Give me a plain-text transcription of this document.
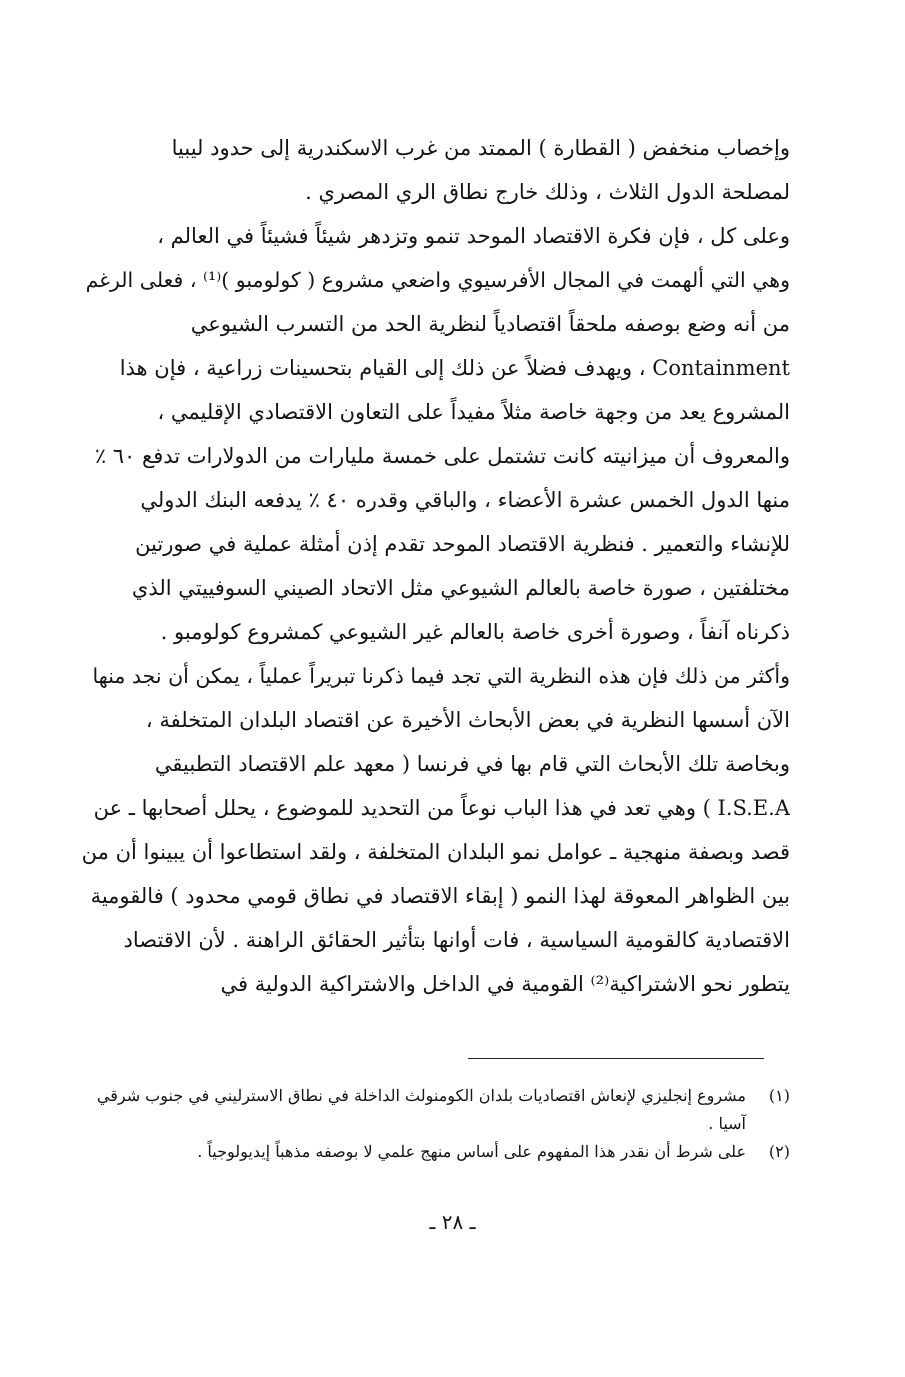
وإخصاب منخفض ( القطارة ) الممتد من غرب الاسكندرية إلى حدود ليبيا
لمصلحة الدول الثلاث ، وذلك خارج نطاق الري المصري .
وعلى كل ، فإن فكرة الاقتصاد الموحد تنمو وتزدهر شيئاً فشيئاً في العالم ،
وهي التي ألهمت في المجال الأفرسيوي واضعي مشروع ( كولومبو )⁽¹⁾ ، فعلى الرغم
من أنه وضع بوصفه ملحقاً اقتصادياً لنظرية الحد من التسرب الشيوعي
Containment ، ويهدف فضلاً عن ذلك إلى القيام بتحسينات زراعية ، فإن هذا
المشروع يعد من وجهة خاصة مثلاً مفيداً على التعاون الاقتصادي الإقليمي ،
والمعروف أن ميزانيته كانت تشتمل على خمسة مليارات من الدولارات تدفع ٦٠ ٪
منها الدول الخمس عشرة الأعضاء ، والباقي وقدره ٤٠ ٪ يدفعه البنك الدولي
للإنشاء والتعمير . فنظرية الاقتصاد الموحد تقدم إذن أمثلة عملية في صورتين
مختلفتين ، صورة خاصة بالعالم الشيوعي مثل الاتحاد الصيني السوفييتي الذي
ذكرناه آنفاً ، وصورة أخرى خاصة بالعالم غير الشيوعي كمشروع كولومبو .
وأكثر من ذلك فإن هذه النظرية التي تجد فيما ذكرنا تبريراً عملياً ، يمكن أن نجد منها
الآن أسسها النظرية في بعض الأبحاث الأخيرة عن اقتصاد البلدان المتخلفة ،
وبخاصة تلك الأبحاث التي قام بها في فرنسا ( معهد علم الاقتصاد التطبيقي
I.S.E.A ) وهي تعد في هذا الباب نوعاً من التحديد للموضوع ، يحلل أصحابها ـ عن
قصد وبصفة منهجية ـ عوامل نمو البلدان المتخلفة ، ولقد استطاعوا أن يبينوا أن من
بين الظواهر المعوقة لهذا النمو ( إبقاء الاقتصاد في نطاق قومي محدود ) فالقومية
الاقتصادية كالقومية السياسية ، فات أوانها بتأثير الحقائق الراهنة . لأن الاقتصاد
يتطور نحو الاشتراكية⁽²⁾ القومية في الداخل والاشتراكية الدولية في
(١)
مشروع إنجليزي لإنعاش اقتصاديات بلدان الكومنولث الداخلة في نطاق الاسترليني في جنوب شرقي آسيا .
(٢)
على شرط أن نقدر هذا المفهوم على أساس منهج علمي لا بوصفه مذهباً إيديولوجياً .
ـ ٢٨ ـ
